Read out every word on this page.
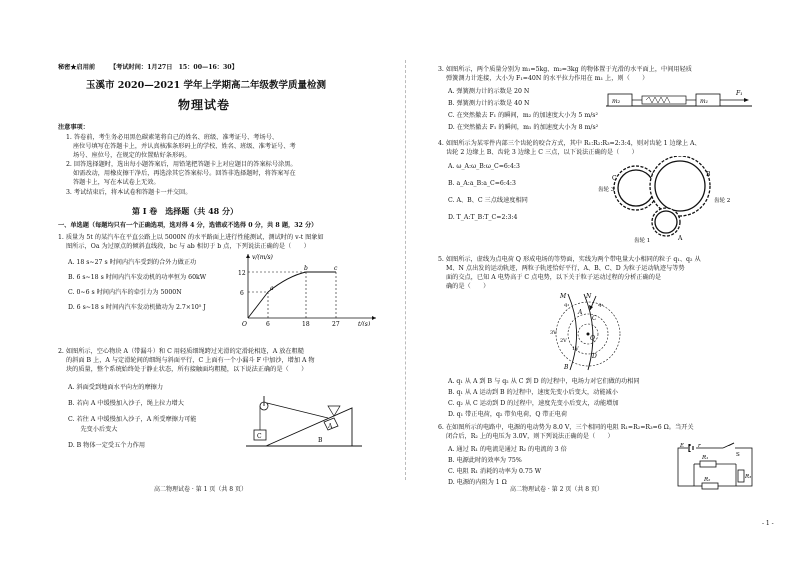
秘密★启用前 【考试时间：1月27日　15：00—16：30】
玉溪市 2020—2021 学年上学期高二年级教学质量检测
物理试卷
注意事项：
1. 答卷前，考生务必用黑色碳素笔将自己的姓名、班级、准考证号、考场号、
座位号填写在答题卡上，并认真核准条形码上的学校、姓名、班级、准考证号、考
场号、座位号，在规定的位置贴好条形码。
2. 回答选择题时，选出每小题答案后，用铅笔把答题卡上对应题目的答案标号涂黑。
如需改动，用橡皮擦干净后，再选涂其它答案标号。回答非选择题时，将答案写在
答题卡上，写在本试卷上无效。
3. 考试结束后，将本试卷和答题卡一并交回。
第 Ⅰ 卷　选择题（共 48 分）
一、单选题（每题均只有一个正确选项，选对得 4 分，选错或不选得 0 分，共 8 题，32 分）
1. 质量为 5t 的某汽车在平直公路上以 5000N 的水平路面上进行性能测试，测试时的 v-t 图象如
图所示，Oa 为过原点的倾斜直线段，bc 与 ab 相切于 b 点，下列说法正确的是（　　）
A. 18 s~27 s 时间内汽车受到的合外力做正功
B. 6 s~18 s 时间内汽车发动机的功率恒为 60kW
C. 0~6 s 时间内汽车的牵引力为 5000N
D. 6 s~18 s 时间内汽车发动机做功为 2.7×10⁵ J
v/(m/s)
t/(s)
12
6
6	18	27
O
a
b	c
2. 如图所示，空心物块 A（带漏斗）和 C 用轻质细绳跨过光滑的定滑轮相连，A 放在粗糙
的斜面 B 上，A 与定滑轮间的细绳与斜面平行，C 上面有一个小漏斗 F 中加沙，增加 A 物
块的质量，整个系统始终处于静止状态，所有接触面均粗糙，以下说法正确的是（　　）
A. 斜面受到地面水平向左的摩擦力
B. 若向 A 中缓慢加入沙子，绳上拉力增大
C. 若往 A 中缓慢加入沙子，A 所受摩擦力可能
　　先变小后变大
D. B 物体一定受五个力作用
C
A
B
高二物理试卷 · 第 1 页（共 8 页）
3. 如图所示，两个质量分别为 m₁=5kg、m₂=3kg 的物体置于光滑的水平面上，中间用轻质
弹簧测力计连接，大小为 F₁=40N 的水平拉力作用在 m₁ 上，则（　　）
A. 弹簧测力计的示数是 20 N
B. 弹簧测力计的示数是 40 N
C. 在突然撤去 F₁ 的瞬间，m₂ 的加速度大小为 5 m/s²
D. 在突然撤去 F₁ 的瞬间，m₁ 的加速度大小为 8 m/s²
m₂	m₁
F₁
4. 如图所示为某零件内部三个齿轮的咬合方式，其中 R₁:R₂:R₃=2:3:4，则对齿轮 1 边缘上 A、
齿轮 2 边缘上 B、齿轮 3 边缘上 C 三点，以下说法正确的是（　　）
A. ω_A:ω_B:ω_C=6:4:3
B. a_A:a_B:a_C=6:4:3
C. A、B、C 三点线速度相同
D. T_A:T_B:T_C=2:3:4
齿轮 3
齿轮 2
齿轮 1
C
B
A
5. 如图所示，虚线为点电荷 Q 形成电场的等势面，实线为两个带电量大小相同的粒子 q₁、q₂ 从
M、N 点出发的运动轨迹，两粒子轨迹恰好平行，A、B、C、D 为粒子运动轨迹与等势
面的交点，已知 A 电势高于 C 点电势，以下关于粒子运动过程的分析正确的是
确的是（　　）
M	N
q₁	q₂
A
C
Q
D
B
3V
2V
1V
A. q₁ 从 A 到 B 与 q₂ 从 C 到 D 的过程中，电场力对它们做的功相同
B. q₁ 从 A 运动到 B 的过程中，速度先变小后变大，动能减小
C. q₂ 从 C 运动到 D 的过程中，速度先变小后变大，动能增加
D. q₁ 带正电荷，q₂ 带负电荷，Q 带正电荷
6. 在如图所示的电路中，电源的电动势为 8.0 V，三个相同的电阻 R₁=R₂=R₃=6 Ω。当开关
闭合后，R₂ 上的电压为 3.0V，则下列说法正确的是（　　）
A. 通过 R₁ 的电流是通过 R₂ 的电流的 3 倍
B. 电源此时的效率为 75%
C. 电阻 R₁ 消耗的功率为 0.75 W
D. 电源的内阻为 1 Ω
E	r
S
R₁
R₂	R₃
高二物理试卷 · 第 2 页（共 8 页）
- 1 -
